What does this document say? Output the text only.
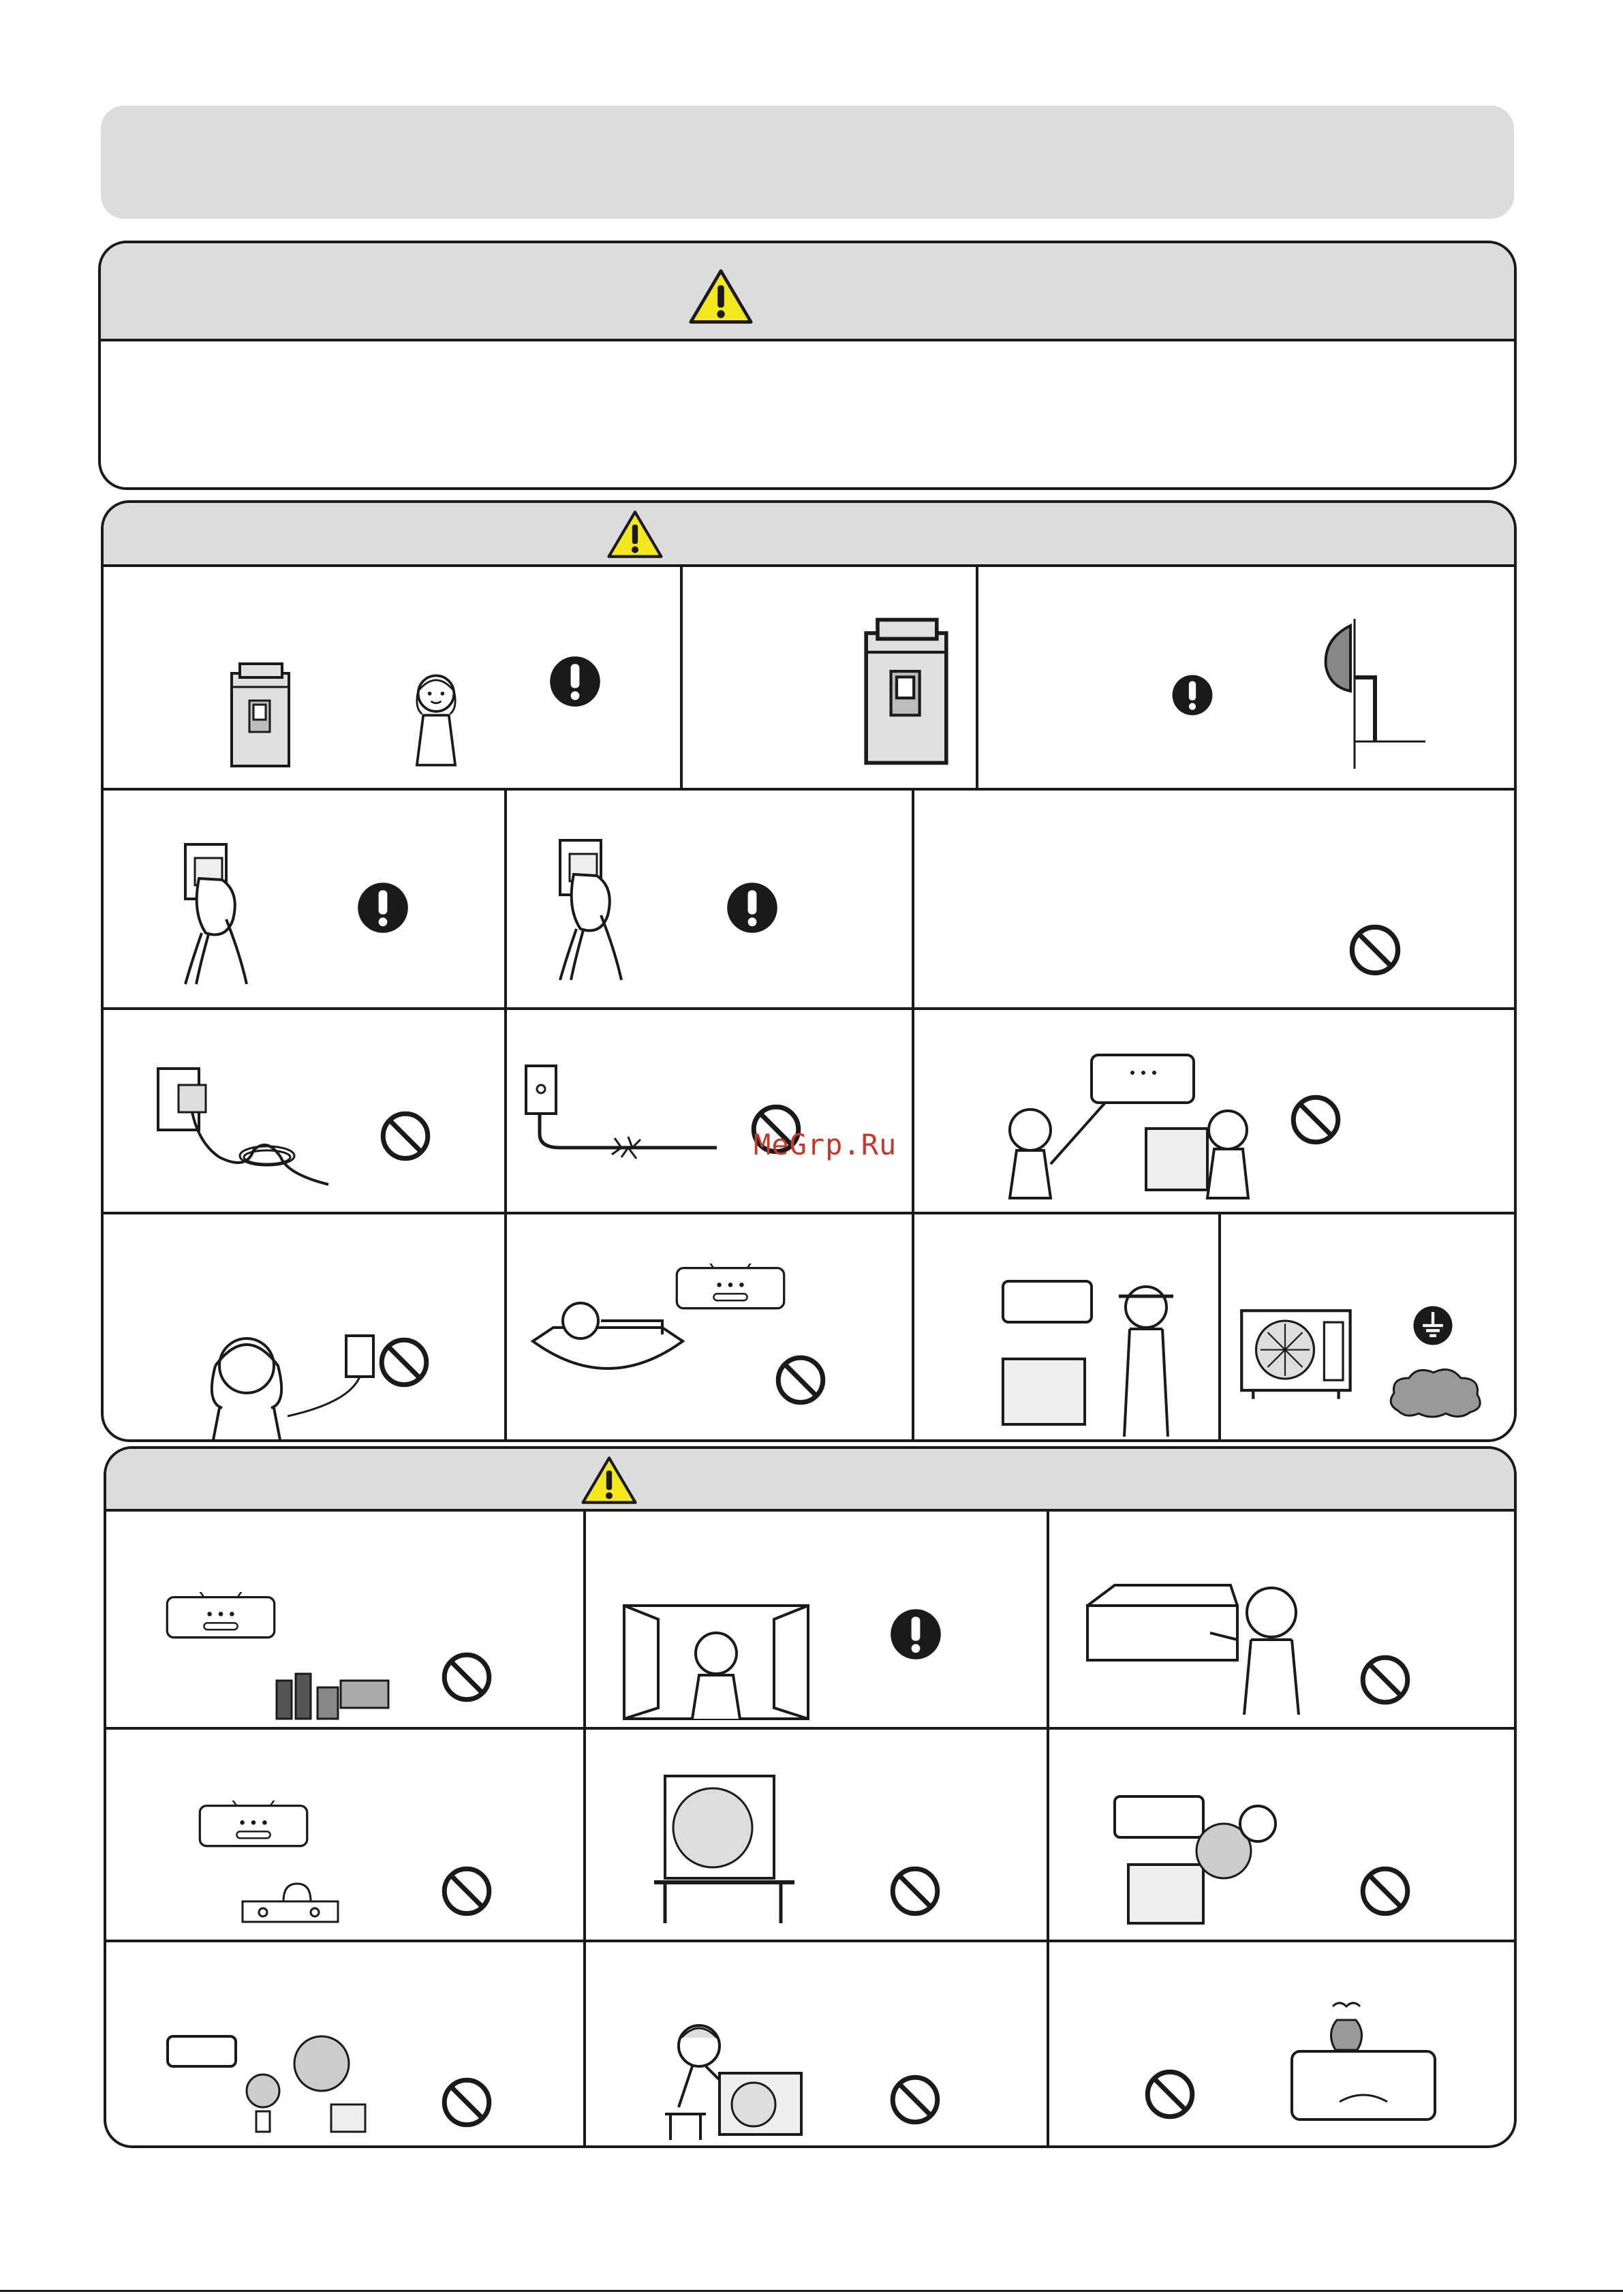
MeGrp.Ru
